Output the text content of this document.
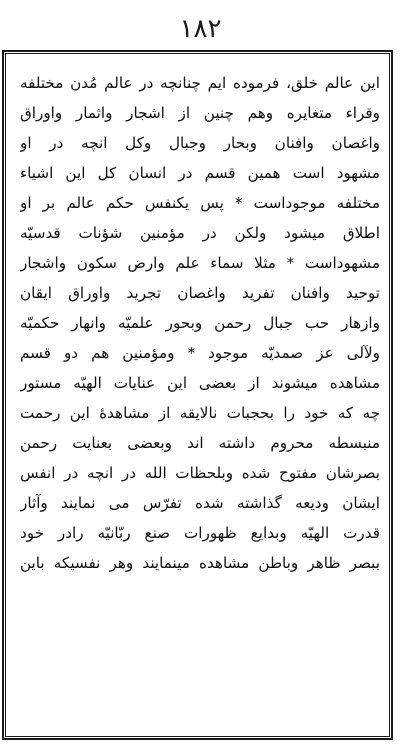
۱۸۲
این عالم خلق، فرموده ایم چنانچه در عالم مُدن مختلفه
وقراء متغایره وهم چنین از اشجار واثمار واوراق
واغصان وافنان وبحار وجبال وکل انچه در او
مشهود است همین قسم در انسان کل این اشیاء
مختلفه موجوداست * پس یکنفس حکم عالم بر او
اطلاق میشود ولکن در مؤمنین شؤنات قدسیّه
مشهوداست * مثلا سماء علم وارض سکون واشجار
توحید وافنان تفرید واغصان تجرید واوراق ایقان
وازهار حب جبال رحمن وبحور علمیّه وانهار حکمیّه
ولآلی عز صمدیّه موجود * ومؤمنین هم دو قسم
مشاهده میشوند از بعضی این عنایات الهیّه مستور
چه که خود را بحجبات نالایقه از مشاهدهٔ این رحمت
منبسطه محروم داشته اند وبعضی بعنایت رحمن
بصرشان مفتوح شده وبلحظات الله در انچه در انفس
ایشان ودیعه گذاشته شده تفرّس می نمایند وآثار
قدرت الهیّه وبدایع ظهورات صنع ربّانیّه رادر خود
ببصر ظاهر وباطن مشاهده مینمایند وهر نفسیکه باین
